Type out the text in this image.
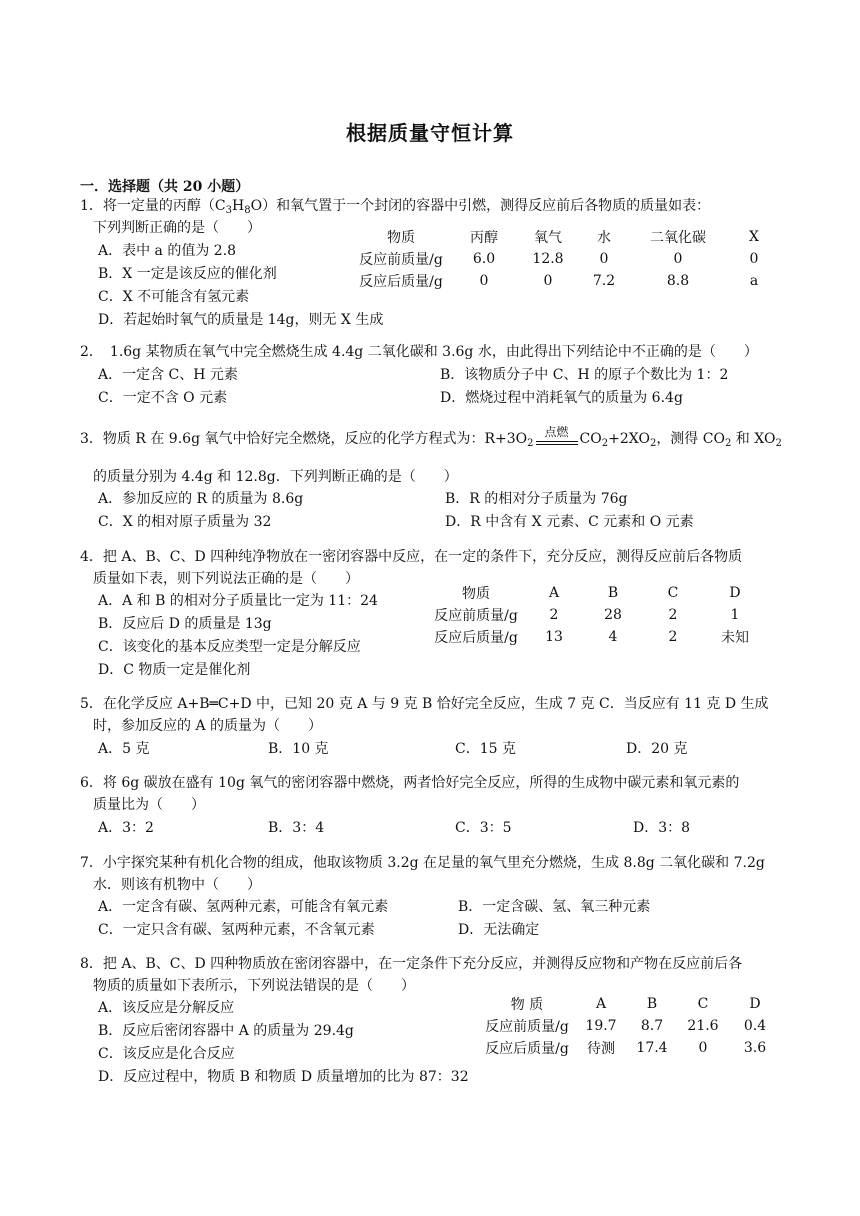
根据质量守恒计算
一．选择题（共 20 小题）
1．将一定量的丙醇$(C_3H_8O)$和氧气置于一个封闭的容器中引燃，测得反应前后各物质的质量如表：
下列判断正确的是（　　）
A．表中 a 的值为 2.8
B．X 一定是该反应的催化剂
C．X 不可能含有氢元素
D．若起始时氧气的质量是 14g，则无 X 生成
物质	丙醇	氧气	水	二氧化碳	X
反应前质量/g	6.0	12.8	0	0	0
反应后质量/g	0	0	7.2	8.8	a
2．　1.6g 某物质在氧气中完全燃烧生成 4.4g 二氧化碳和 3.6g 水，由此得出下列结论中不正确的是（　　）
A．一定含 C、H 元素	B．该物质分子中 C、H 的原子个数比为 1：2
C．一定不含 O 元素	D．燃烧过程中消耗氧气的质量为 6.4g
3．物质 R 在 9.6g 氧气中恰好完全燃烧，反应的化学方程式为：$R+3O_2$
点燃 $CO_2+2XO_2$，测得 $CO_2$ 和 $XO_2$
的质量分别为 4.4g 和 12.8g．下列判断正确的是（　　）
A．参加反应的 R 的质量为 8.6g	B．R 的相对分子质量为 76g
C．X 的相对原子质量为 32	D．R 中含有 X 元素、C 元素和 O 元素
4．把 A、B、C、D 四种纯净物放在一密闭容器中反应，在一定的条件下，充分反应，测得反应前后各物质
质量如下表，则下列说法正确的是（　　）
A．A 和 B 的相对分子质量比一定为 11：24
B．反应后 D 的质量是 13g
C．该变化的基本反应类型一定是分解反应
D．C 物质一定是催化剂
物质	A	B	C	D
反应前质量/g	2	28	2	1
反应后质量/g	13	4	2	未知
5．在化学反应 A+B═C+D 中，已知 20 克 A 与 9 克 B 恰好完全反应，生成 7 克 C．当反应有 11 克 D 生成
时，参加反应的 A 的质量为（　　）
A．5 克	B．10 克	C．15 克	D．20 克
6．将 6g 碳放在盛有 10g 氧气的密闭容器中燃烧，两者恰好完全反应，所得的生成物中碳元素和氧元素的
质量比为（　　）
A．3：2	B．3：4	C．3：5	D．3：8
7．小宇探究某种有机化合物的组成，他取该物质 3.2g 在足量的氧气里充分燃烧，生成 8.8g 二氧化碳和 7.2g
水．则该有机物中（　　）
A．一定含有碳、氢两种元素，可能含有氧元素	B．一定含碳、氢、氧三种元素
C．一定只含有碳、氢两种元素，不含氧元素	D．无法确定
8．把 A、B、C、D 四种物质放在密闭容器中，在一定条件下充分反应，并测得反应物和产物在反应前后各
物质的质量如下表所示，下列说法错误的是（　　）
A．该反应是分解反应
B．反应后密闭容器中 A 的质量为 29.4g
C．该反应是化合反应
D．反应过程中，物质 B 和物质 D 质量增加的比为 87：32
物 质	A	B	C	D
反应前质量/g	19.7	8.7	21.6	0.4
反应后质量/g	待测	17.4	0	3.6
